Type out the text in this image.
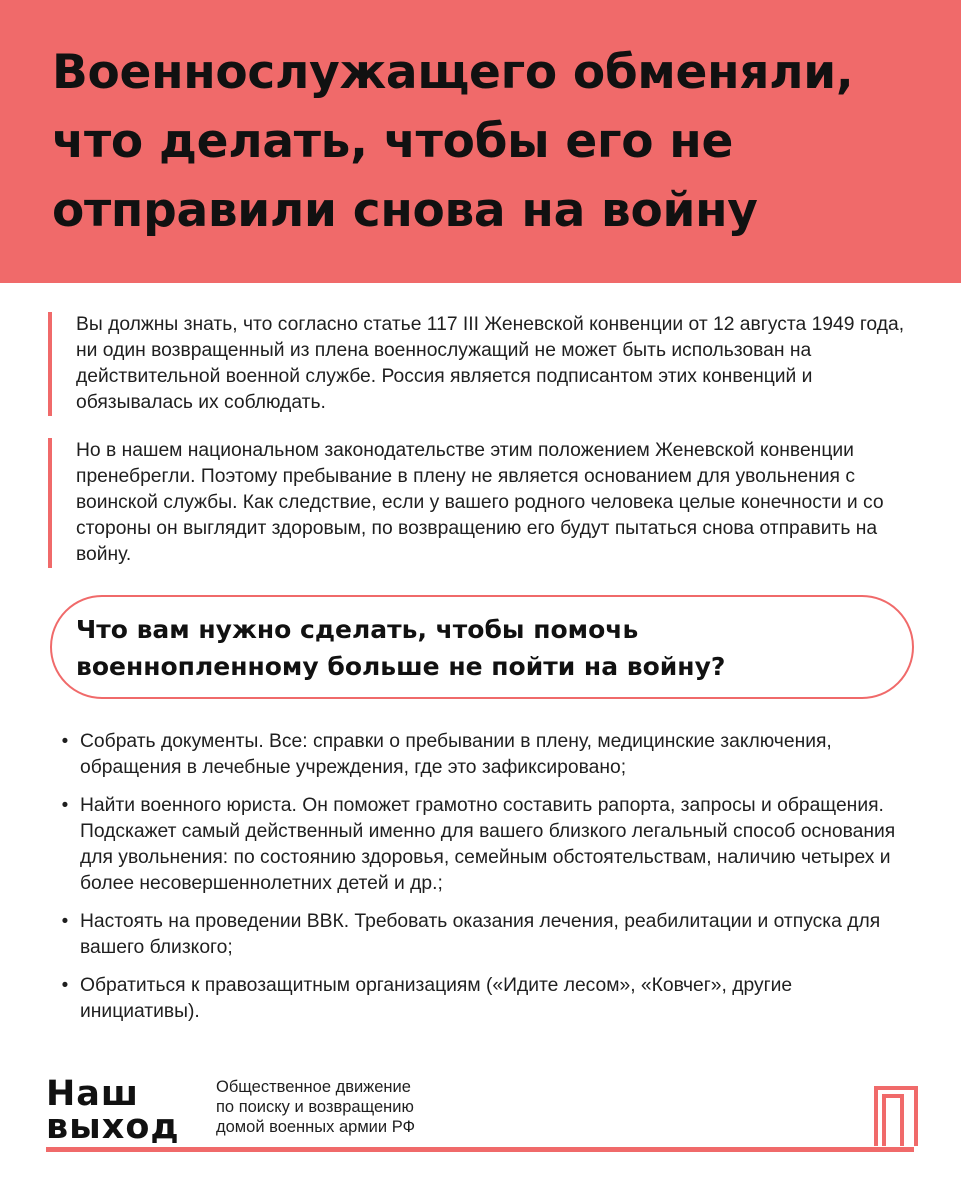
Военнослужащего обменяли, что делать, чтобы его не отправили снова на войну

Вы должны знать, что согласно статье 117 III Женевской конвенции от 12 августа 1949 года, ни один возвращенный из плена военнослужащий не может быть использован на действительной военной службе. Россия является подписантом этих конвенций и обязывалась их соблюдать.

Но в нашем национальном законодательстве этим положением Женевской конвенции пренебрегли. Поэтому пребывание в плену не является основанием для увольнения с воинской службы. Как следствие, если у вашего родного человека целые конечности и со стороны он выглядит здоровым, по возвращению его будут пытаться снова отправить на войну.

Что вам нужно сделать, чтобы помочь военнопленному больше не пойти на войну?
• Собрать документы. Все: справки о пребывании в плену, медицинские заключения, обращения в лечебные учреждения, где это зафиксировано;
• Найти военного юриста. Он поможет грамотно составить рапорта, запросы и обращения. Подскажет самый действенный именно для вашего близкого легальный способ основания для увольнения: по состоянию здоровья, семейным обстоятельствам, наличию четырех и более несовершеннолетних детей и др.;
• Настоять на проведении ВВК. Требовать оказания лечения, реабилитации и отпуска для вашего близкого;
• Обратиться к правозащитным организациям («Идите лесом», «Ковчег», другие инициативы).
Наш
выход
Общественное движение
по поиску и возвращению
домой военных армии РФ
